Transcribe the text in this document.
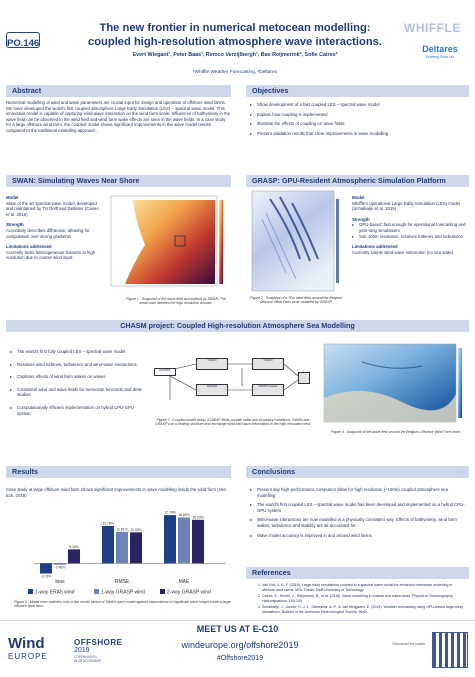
PO.146
The new frontier in numerical metocean modelling:
coupled high-resolution atmosphere wave interactions.
Evert Wiegant¹, Peter Baas¹, Remco Verzijlbergh¹, Bas Reijmerink², Sofie Caires²
¹Whiffle Weather Forecasting, ²Deltares
WHIFFLE
Deltares
Enabling Delta Life
Abstract
Numerical modelling of wind and wave parameters are crucial input for design and operation of offshore wind farms. We have developed the world's first coupled atmosphere Large Eddy Simulation (LES) – spectral wave model. This innovative model is capable of capturing wind-wave interaction on the wind farm scale. Influences of bathymetry in the wave field can be observed in the wind field and wind farm wake effects are seen in the wave fields. In a case study for a large offshore wind farm, the coupled model shows significant improvements in the wave model results compared to the traditional modelling approach.
Objectives
▸ Show development of a fast coupled LES – spectral wave model
▸ Explain how coupling is implemented
▸ Illustrate the effects of coupling on wave fields
▸ Present validation results that show improvements in wave modelling
SWAN: Simulating Waves Near Shore
Model
State of the art spectral wave model, developed and maintained by TU Delft and Deltares (Caires et al. 2018)
Strength
Accurately describes diffraction, allowing for computation over strong gradients
Limitations addressed
Currently lacks heterogeneous features at high resolution due to coarse wind input
Figure 1 : Snapshot of the wave field as modeled by SWAN. The small cube denotes the high resolution domain.
GRASP: GPU-Resident Atmospheric Simulation Platform
Figure 2 : Snapshot of a 70m wind field around the Belgium Offshore Wind Farm zone modeled by GRASP.
Model
Whiffle's operational Large Eddy Simulation (LES) model (Schalkwijk et al. 2015)
Strength
▸ GPU-based: fast enough for operational forecasting and year-long simulations
▸ Sub 100m resolution: resolves turbines and turbulence
Limitations addressed
Currently simple wind-wave interaction (no sea state)
CHASM project: Coupled High-resolution Atmosphere Sea Modelling
▸ The world's first fully coupled LES – spectral wave model
▸ Resolves wind turbines, turbulence and wind-wave interactions
▸ Captures effects of wind farm wakes on waves
▸ Consistent wind and wave fields for metocean forecasts and desk studies
▸ Computationally efficient implementation on hybrid CPU-GPU system
ECMWF
SWAN
GRASP
SWAN
SWAN nested
Figure 3 : Coupled model setup. ECMWF fields provide initial and boundary conditions. SWAN and GRASP use a nesting structure and exchange wind and wave information in the high-resolution nest.
Figure 4 : Snapshot of the wave field around the Belgium Offshore Wind Farm zone.
Results
Case study at large offshore wind farm shows significant improvements in wave modelling inside the wind farm (Van Eck, 2019)
-3.73%
-0.46%
5.16%
bias
13.76%
11.61% 11.43%
RMSE
17.74%
16.89%
16.03%
MAE
1-way ERA5 wind	1-way GRASP wind	2-way GRASP wind
Figure 5 : Model error statistics over a two month period of SWAN wave model against observations of significant wave height inside a large offshore wind farm.
Conclusions
▸ Present day high-performance computers allow for high resolution (~100m) coupled atmosphere sea modelling
▸ The world's first coupled LES – spectral wave model has been developed and implemented on a hybrid CPU-GPU system
▸ Wind-wave interactions are now modelled in a physically consistent way. Effects of bathymetry, wind farm wakes, turbulence and stability are all accounted for.
▸ Wave model accuracy is improved in and around wind farms
References
1. Van Eck, J. G. F. (2019). Large-eddy simulations coupled to a spectral wave model for enhanced metocean modelling in offshore wind farms. MSc Thesis, Delft University of Technology.
2. Caires, S., Kester, J., Reijmerink, B., et al. (2018). Wave modelling in coastal and inland seas. Physics in Oceanography, Hydrodynamics, 104-155.
3. Schalkwijk, J., Jonker, H. J. J., Siebesma, A. P., & Van Meijgaard, E. (2015). Weather forecasting using GPU-based large-eddy simulations. Bulletin of the American Meteorological Society, 96(5).
MEET US AT E-C10
Wind
EUROPE
OFFSHORE
2019
COPENHAGEN
26-28 NOVEMBER
windeurope.org/offshore2019
#Offshore2019
Download the poster
